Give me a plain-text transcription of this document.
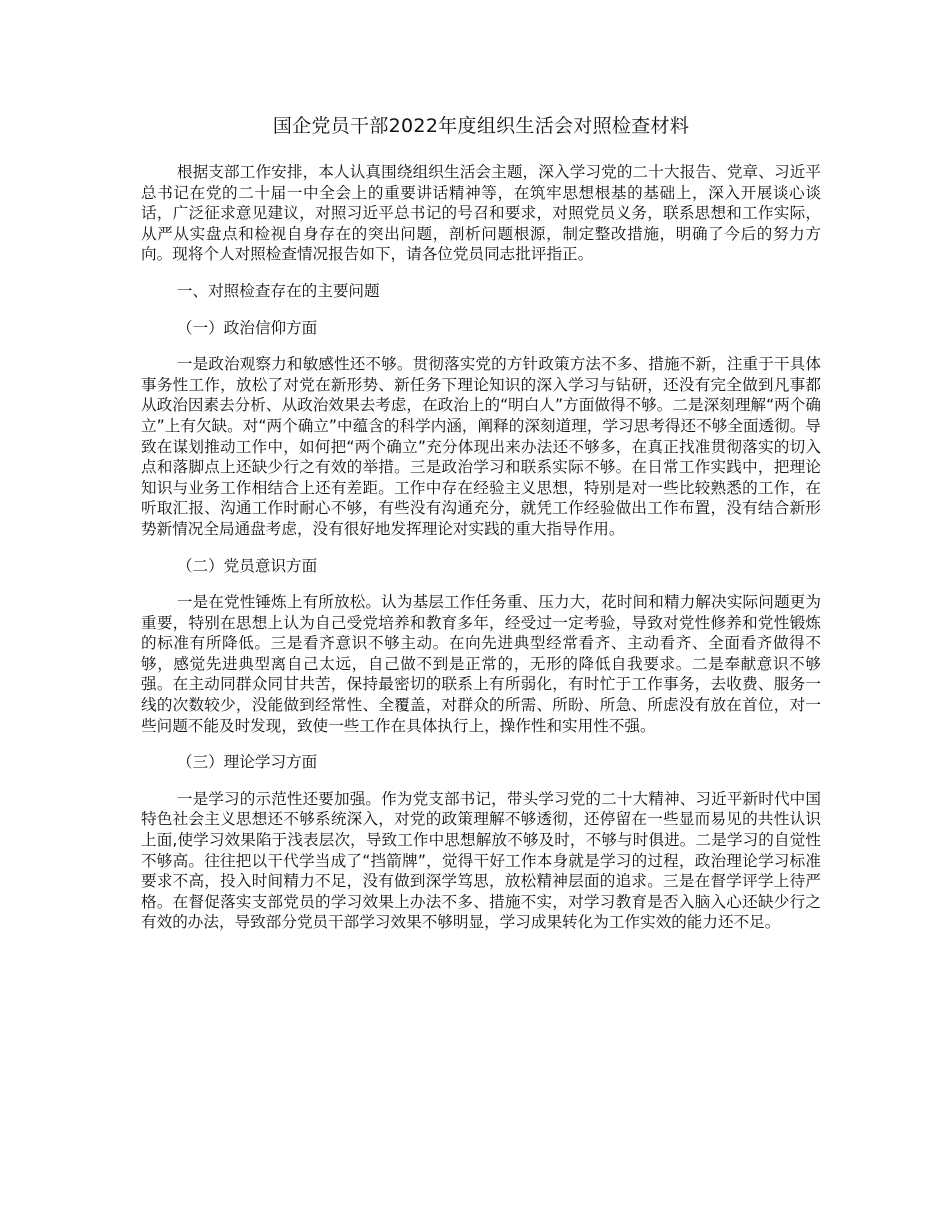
国企党员干部2022年度组织生活会对照检查材料

根据支部工作安排，本人认真围绕组织生活会主题，深入学习党的二十大报告、党章、习近平总书记在党的二十届一中全会上的重要讲话精神等，在筑牢思想根基的基础上，深入开展谈心谈话，广泛征求意见建议，对照习近平总书记的号召和要求，对照党员义务，联系思想和工作实际，从严从实盘点和检视自身存在的突出问题，剖析问题根源，制定整改措施，明确了今后的努力方向。现将个人对照检查情况报告如下，请各位党员同志批评指正。

一、对照检查存在的主要问题

（一）政治信仰方面

一是政治观察力和敏感性还不够。贯彻落实党的方针政策方法不多、措施不新，注重于干具体事务性工作，放松了对党在新形势、新任务下理论知识的深入学习与钻研，还没有完全做到凡事都从政治因素去分析、从政治效果去考虑，在政治上的“明白人”方面做得不够。二是深刻理解“两个确立”上有欠缺。对“两个确立”中蕴含的科学内涵，阐释的深刻道理，学习思考得还不够全面透彻。导致在谋划推动工作中，如何把“两个确立”充分体现出来办法还不够多，在真正找准贯彻落实的切入点和落脚点上还缺少行之有效的举措。三是政治学习和联系实际不够。在日常工作实践中，把理论知识与业务工作相结合上还有差距。工作中存在经验主义思想，特别是对一些比较熟悉的工作，在听取汇报、沟通工作时耐心不够，有些没有沟通充分，就凭工作经验做出工作布置，没有结合新形势新情况全局通盘考虑，没有很好地发挥理论对实践的重大指导作用。

（二）党员意识方面

一是在党性锤炼上有所放松。认为基层工作任务重、压力大，花时间和精力解决实际问题更为重要，特别在思想上认为自己受党培养和教育多年，经受过一定考验，导致对党性修养和党性锻炼的标准有所降低。三是看齐意识不够主动。在向先进典型经常看齐、主动看齐、全面看齐做得不够，感觉先进典型离自己太远，自己做不到是正常的，无形的降低自我要求。二是奉献意识不够强。在主动同群众同甘共苦，保持最密切的联系上有所弱化，有时忙于工作事务，去收费、服务一线的次数较少，没能做到经常性、全覆盖，对群众的所需、所盼、所急、所虑没有放在首位，对一些问题不能及时发现，致使一些工作在具体执行上，操作性和实用性不强。

（三）理论学习方面

一是学习的示范性还要加强。作为党支部书记，带头学习党的二十大精神、习近平新时代中国特色社会主义思想还不够系统深入，对党的政策理解不够透彻，还停留在一些显而易见的共性认识上面,使学习效果陷于浅表层次，导致工作中思想解放不够及时，不够与时俱进。二是学习的自觉性不够高。往往把以干代学当成了“挡箭牌”，觉得干好工作本身就是学习的过程，政治理论学习标准要求不高，投入时间精力不足，没有做到深学笃思，放松精神层面的追求。三是在督学评学上待严格。在督促落实支部党员的学习效果上办法不多、措施不实，对学习教育是否入脑入心还缺少行之有效的办法，导致部分党员干部学习效果不够明显，学习成果转化为工作实效的能力还不足。
